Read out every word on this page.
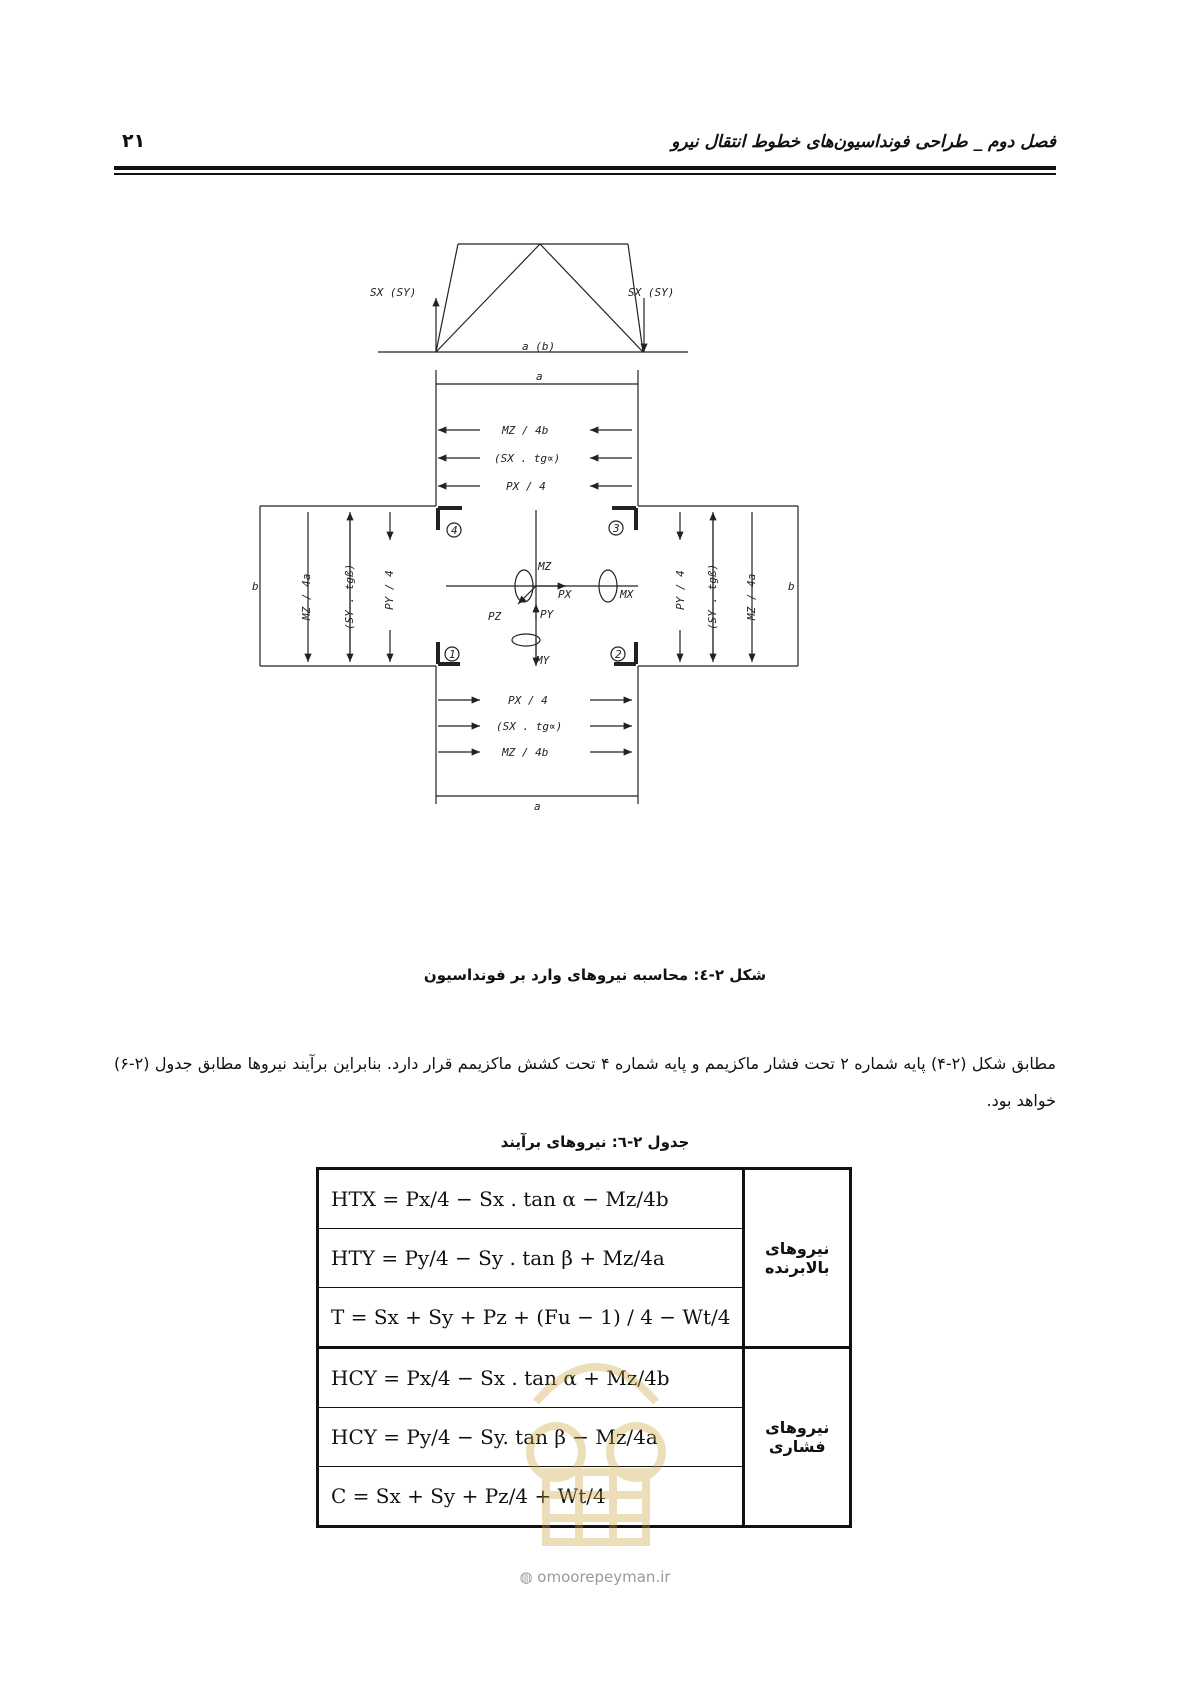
فصل دوم _ طراحی فونداسیون‌های خطوط انتقال نیرو
۲۱
SX (SY)	SX (SY)
a (b)
a
MZ / 4b
(SX . tg∝)
PX / 4
b	b
MZ / 4a	(SY . tgß) PY / 4	PY / 4 (SY . tgß) MZ / 4a
MZ
PX	MX
PZ	PY
MY
4	3
1	2
PX / 4
(SX . tg∝)
MZ / 4b
a
شکل ۲-٤: محاسبه نیروهای وارد بر فونداسیون
مطابق شکل (۲-۴) پایه شماره ۲ تحت فشار ماکزیمم و پایه شماره ۴ تحت کشش ماکزیمم قرار دارد. بنابراین برآیند نیروها مطابق جدول (۲-۶) خواهد بود.
جدول ۲-٦: نیروهای برآیند
HTX = Px/4 − Sx . tan α − Mz/4b	نیروهای بالابرنده
HTY = Py/4 − Sy . tan β + Mz/4a	
T = Sx + Sy + Pz + (Fu − 1) / 4 − Wt/4	
HCY = Px/4 − Sx . tan α + Mz/4b	نیروهای فشاری
HCY = Py/4 − Sy. tan β − Mz/4a	
C = Sx + Sy + Pz/4 + Wt/4	
◍ omoorepeyman.ir
